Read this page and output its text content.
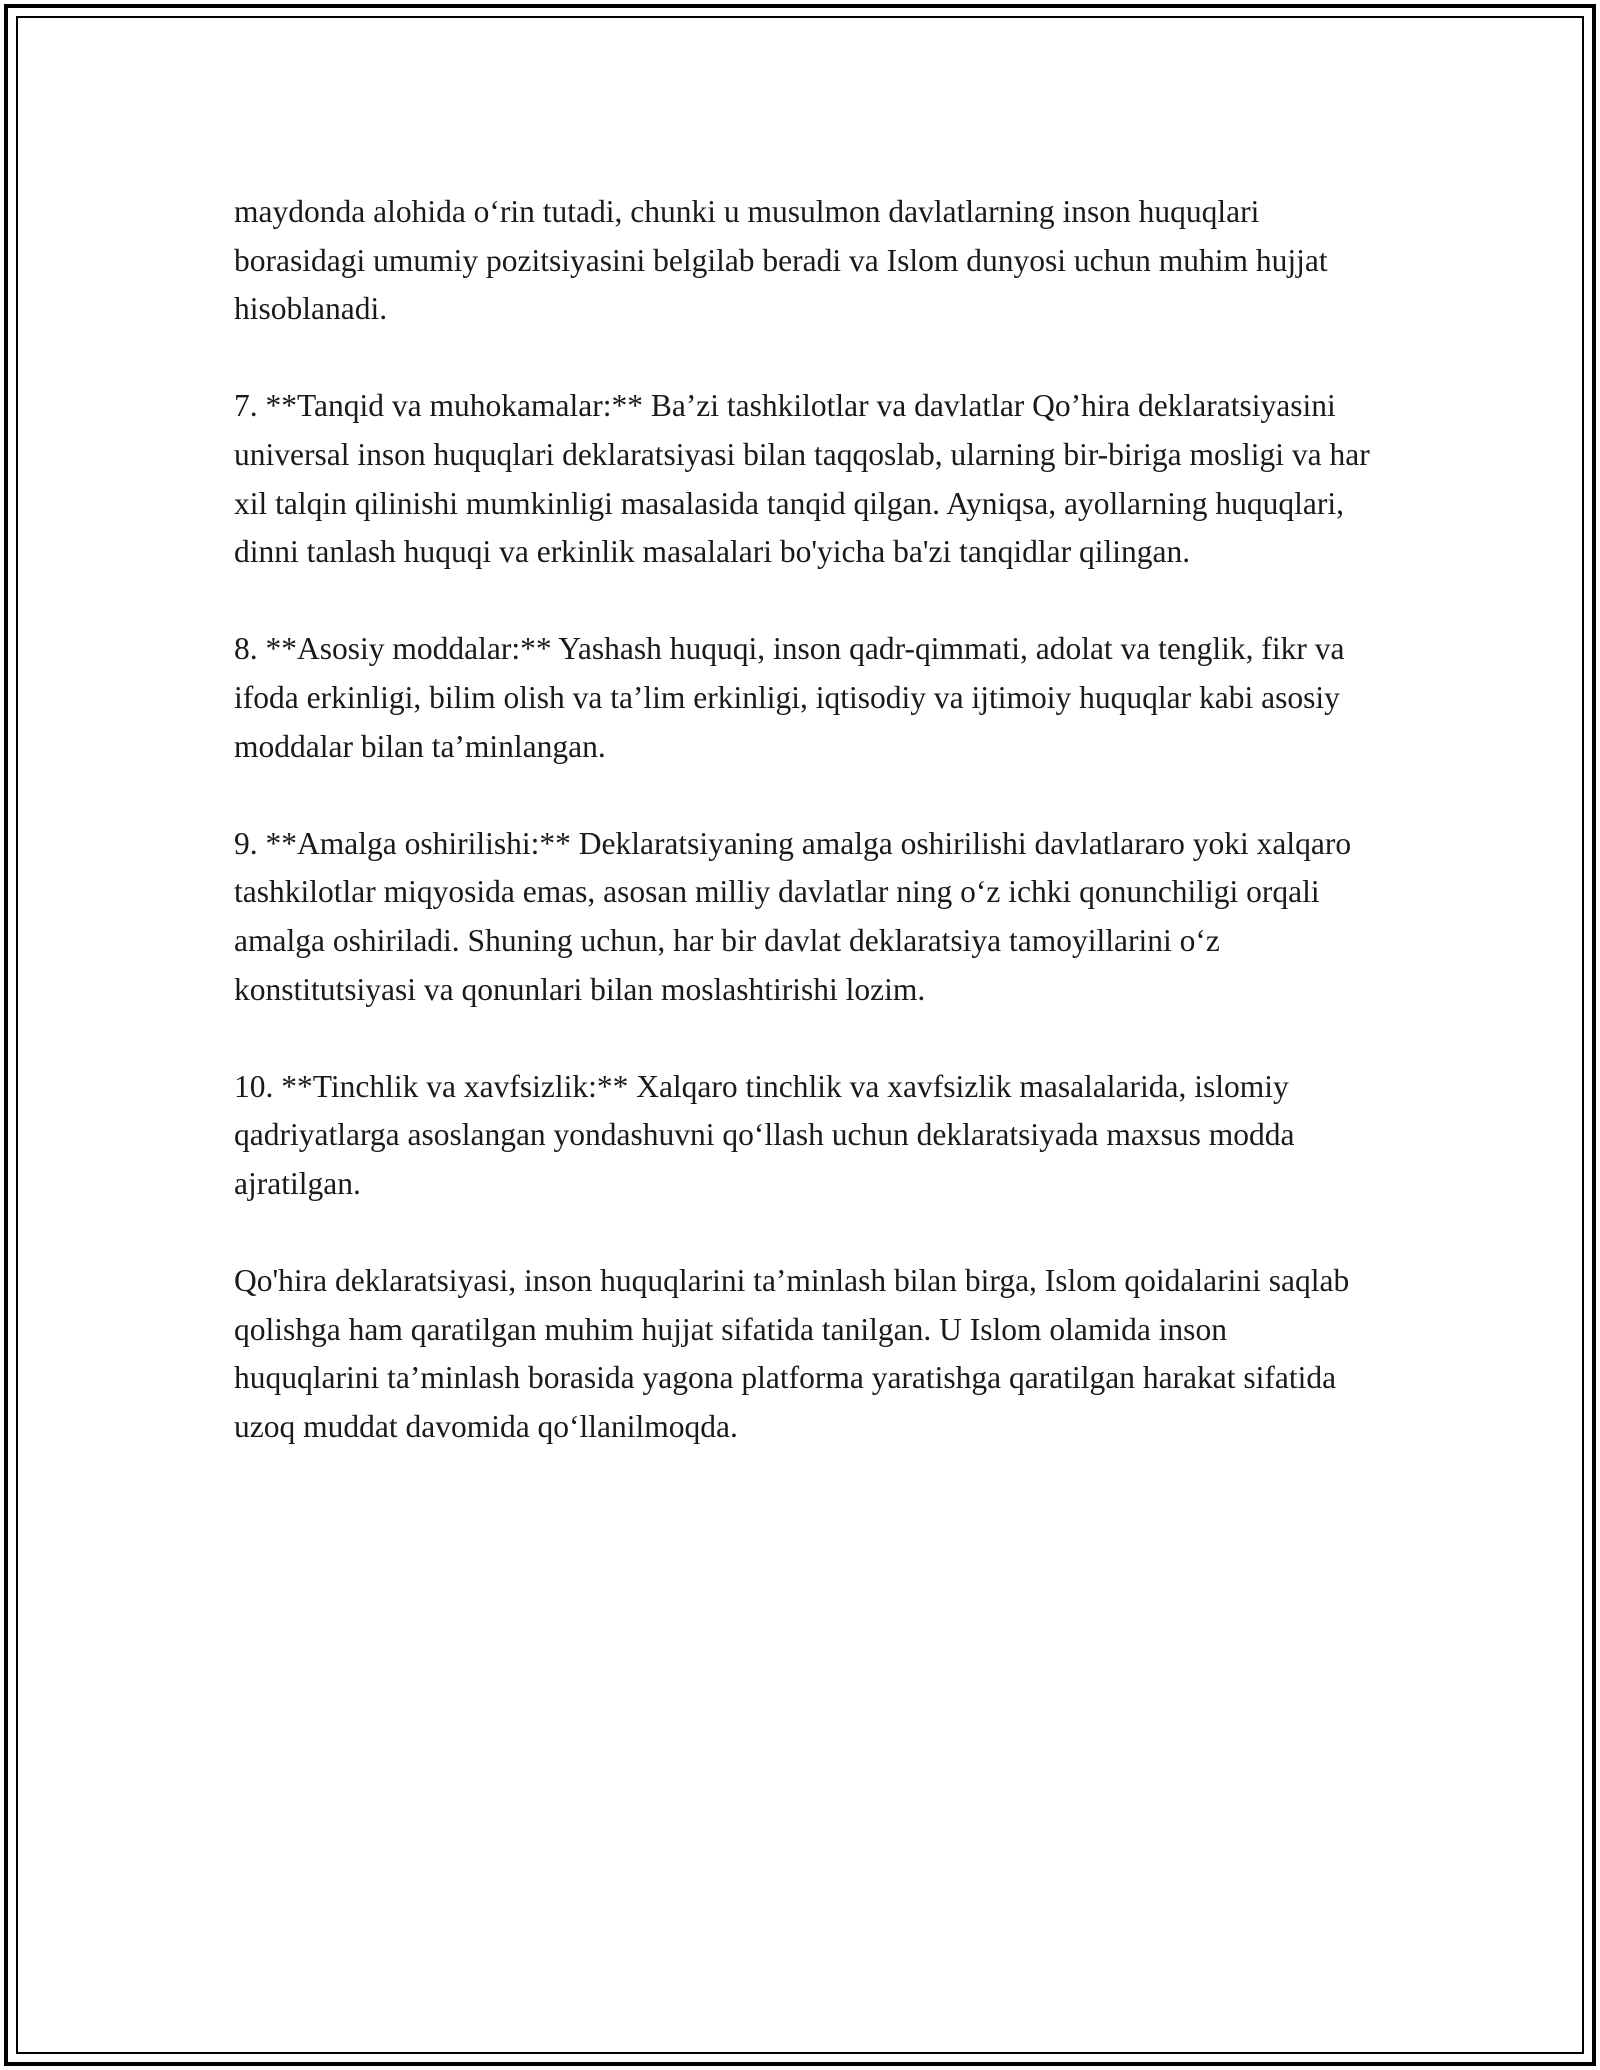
maydonda alohida o‘rin tutadi, chunki u musulmon davlatlarning inson huquqlari borasidagi umumiy pozitsiyasini belgilab beradi va Islom dunyosi uchun muhim hujjat hisoblanadi.

7. **Tanqid va muhokamalar:** Ba’zi tashkilotlar va davlatlar Qo’hira deklaratsiyasini universal inson huquqlari deklaratsiyasi bilan taqqoslab, ularning bir-biriga mosligi va har xil talqin qilinishi mumkinligi masalasida tanqid qilgan. Ayniqsa, ayollarning huquqlari, dinni tanlash huquqi va erkinlik masalalari bo'yicha ba'zi tanqidlar qilingan.

8. **Asosiy moddalar:** Yashash huquqi, inson qadr-qimmati, adolat va tenglik, fikr va ifoda erkinligi, bilim olish va ta’lim erkinligi, iqtisodiy va ijtimoiy huquqlar kabi asosiy moddalar bilan ta’minlangan.

9. **Amalga oshirilishi:** Deklaratsiyaning amalga oshirilishi davlatlararo yoki xalqaro tashkilotlar miqyosida emas, asosan milliy davlatlar ning o‘z ichki qonunchiligi orqali amalga oshiriladi. Shuning uchun, har bir davlat deklaratsiya tamoyillarini o‘z konstitutsiyasi va qonunlari bilan moslashtirishi lozim.

10. **Tinchlik va xavfsizlik:** Xalqaro tinchlik va xavfsizlik masalalarida, islomiy qadriyatlarga asoslangan yondashuvni qo‘llash uchun deklaratsiyada maxsus modda ajratilgan.

Qo'hira deklaratsiyasi, inson huquqlarini ta’minlash bilan birga, Islom qoidalarini saqlab qolishga ham qaratilgan muhim hujjat sifatida tanilgan. U Islom olamida inson huquqlarini ta’minlash borasida yagona platforma yaratishga qaratilgan harakat sifatida uzoq muddat davomida qo‘llanilmoqda.
